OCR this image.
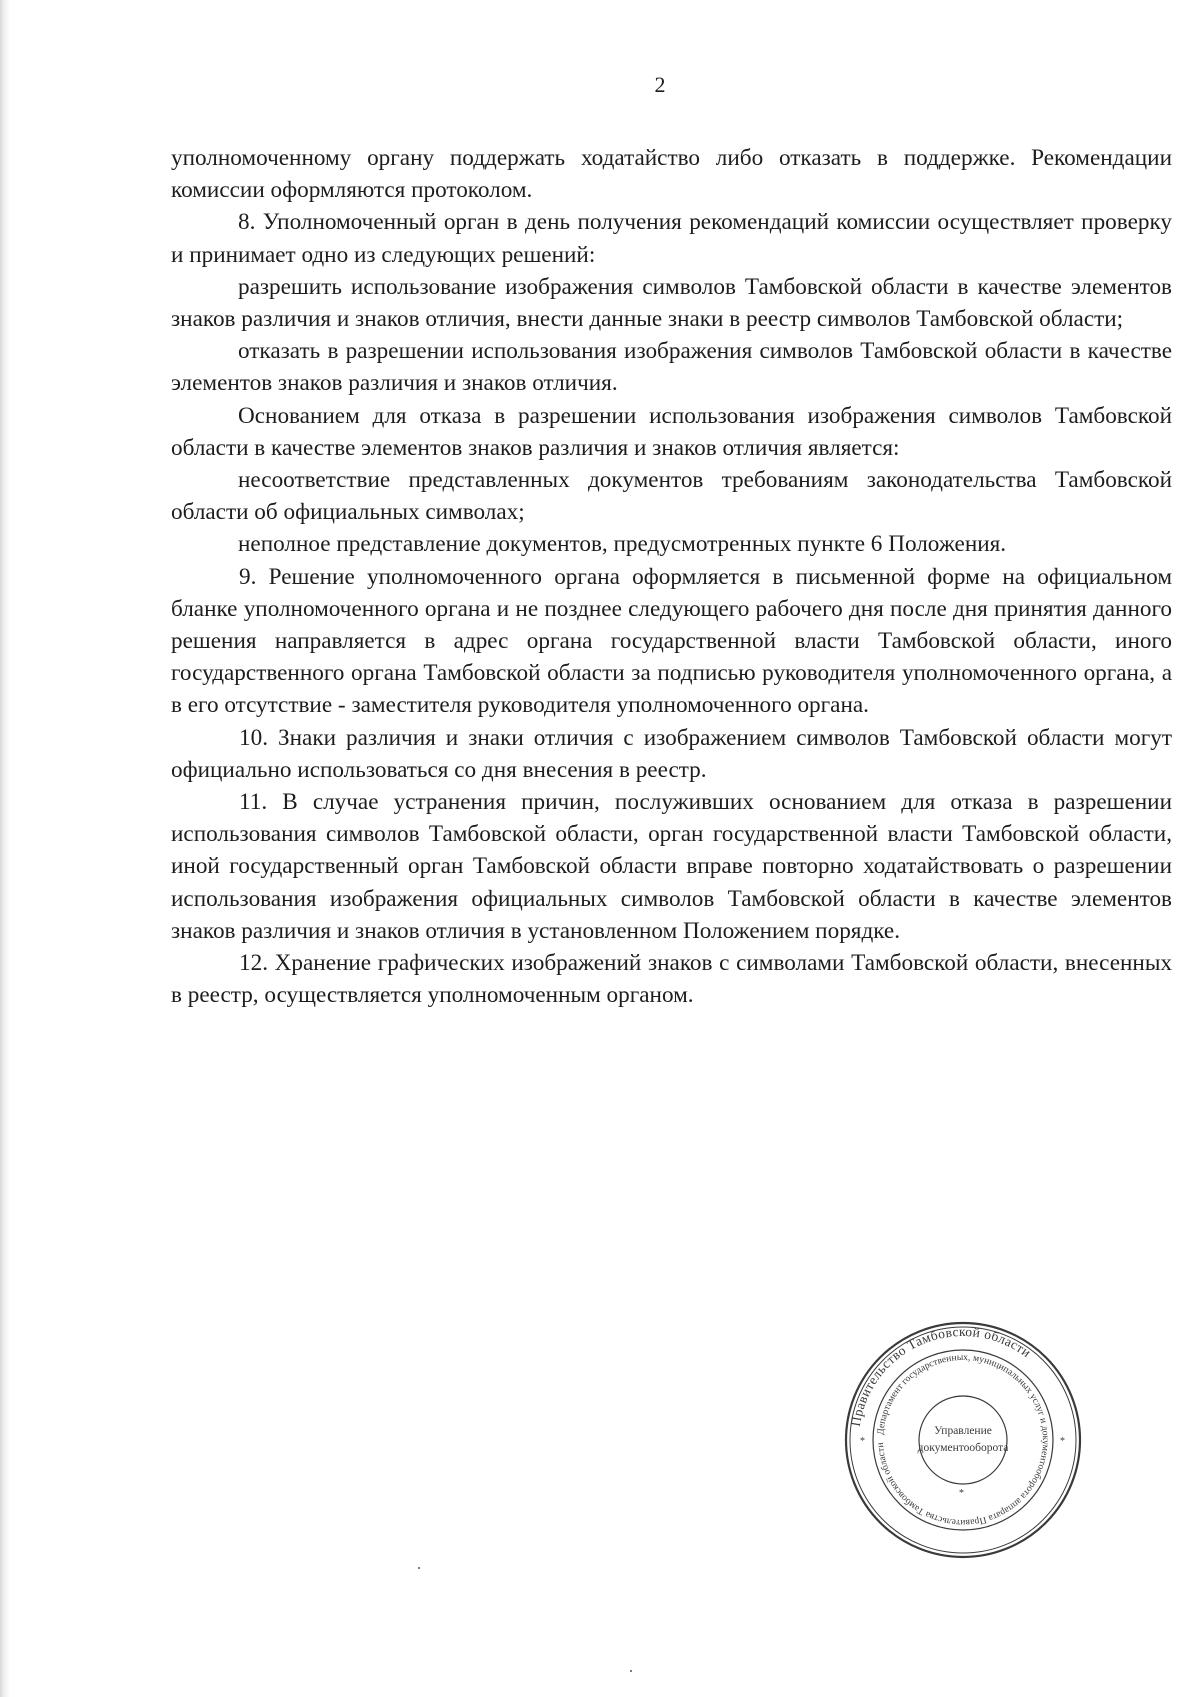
2

уполномоченному органу поддержать ходатайство либо отказать в поддержке. Рекомендации комиссии оформляются протоколом.

8. Уполномоченный орган в день получения рекомендаций комиссии осуществляет проверку и принимает одно из следующих решений:

разрешить использование изображения символов Тамбовской области в качестве элементов знаков различия и знаков отличия, внести данные знаки в реестр символов Тамбовской области;

отказать в разрешении использования изображения символов Тамбовской области в качестве элементов знаков различия и знаков отличия.

Основанием для отказа в разрешении использования изображения символов Тамбовской области в качестве элементов знаков различия и знаков отличия является:

несоответствие представленных документов требованиям законодательства Тамбовской области об официальных символах;

неполное представление документов, предусмотренных пункте 6 Положения.

9. Решение уполномоченного органа оформляется в письменной форме на официальном бланке уполномоченного органа и не позднее следующего рабочего дня после дня принятия данного решения направляется в адрес органа государственной власти Тамбовской области, иного государственного органа Тамбовской области за подписью руководителя уполномоченного органа, а в его отсутствие - заместителя руководителя уполномоченного органа.

10. Знаки различия и знаки отличия с изображением символов Тамбовской области могут официально использоваться со дня внесения в реестр.

11. В случае устранения причин, послуживших основанием для отказа в разрешении использования символов Тамбовской области, орган государственной власти Тамбовской области, иной государственный орган Тамбовской области вправе повторно ходатайствовать о разрешении использования изображения официальных символов Тамбовской области в качестве элементов знаков различия и знаков отличия в установленном Положением порядке.

12. Хранение графических изображений знаков с символами Тамбовской области, внесенных в реестр, осуществляется уполномоченным органом.

Правительство Тамбовской области
Департамент государственных, муниципальных услуг и документооборота аппарата Правительства Тамбовской области
*	*
*
Управление
документооборота
